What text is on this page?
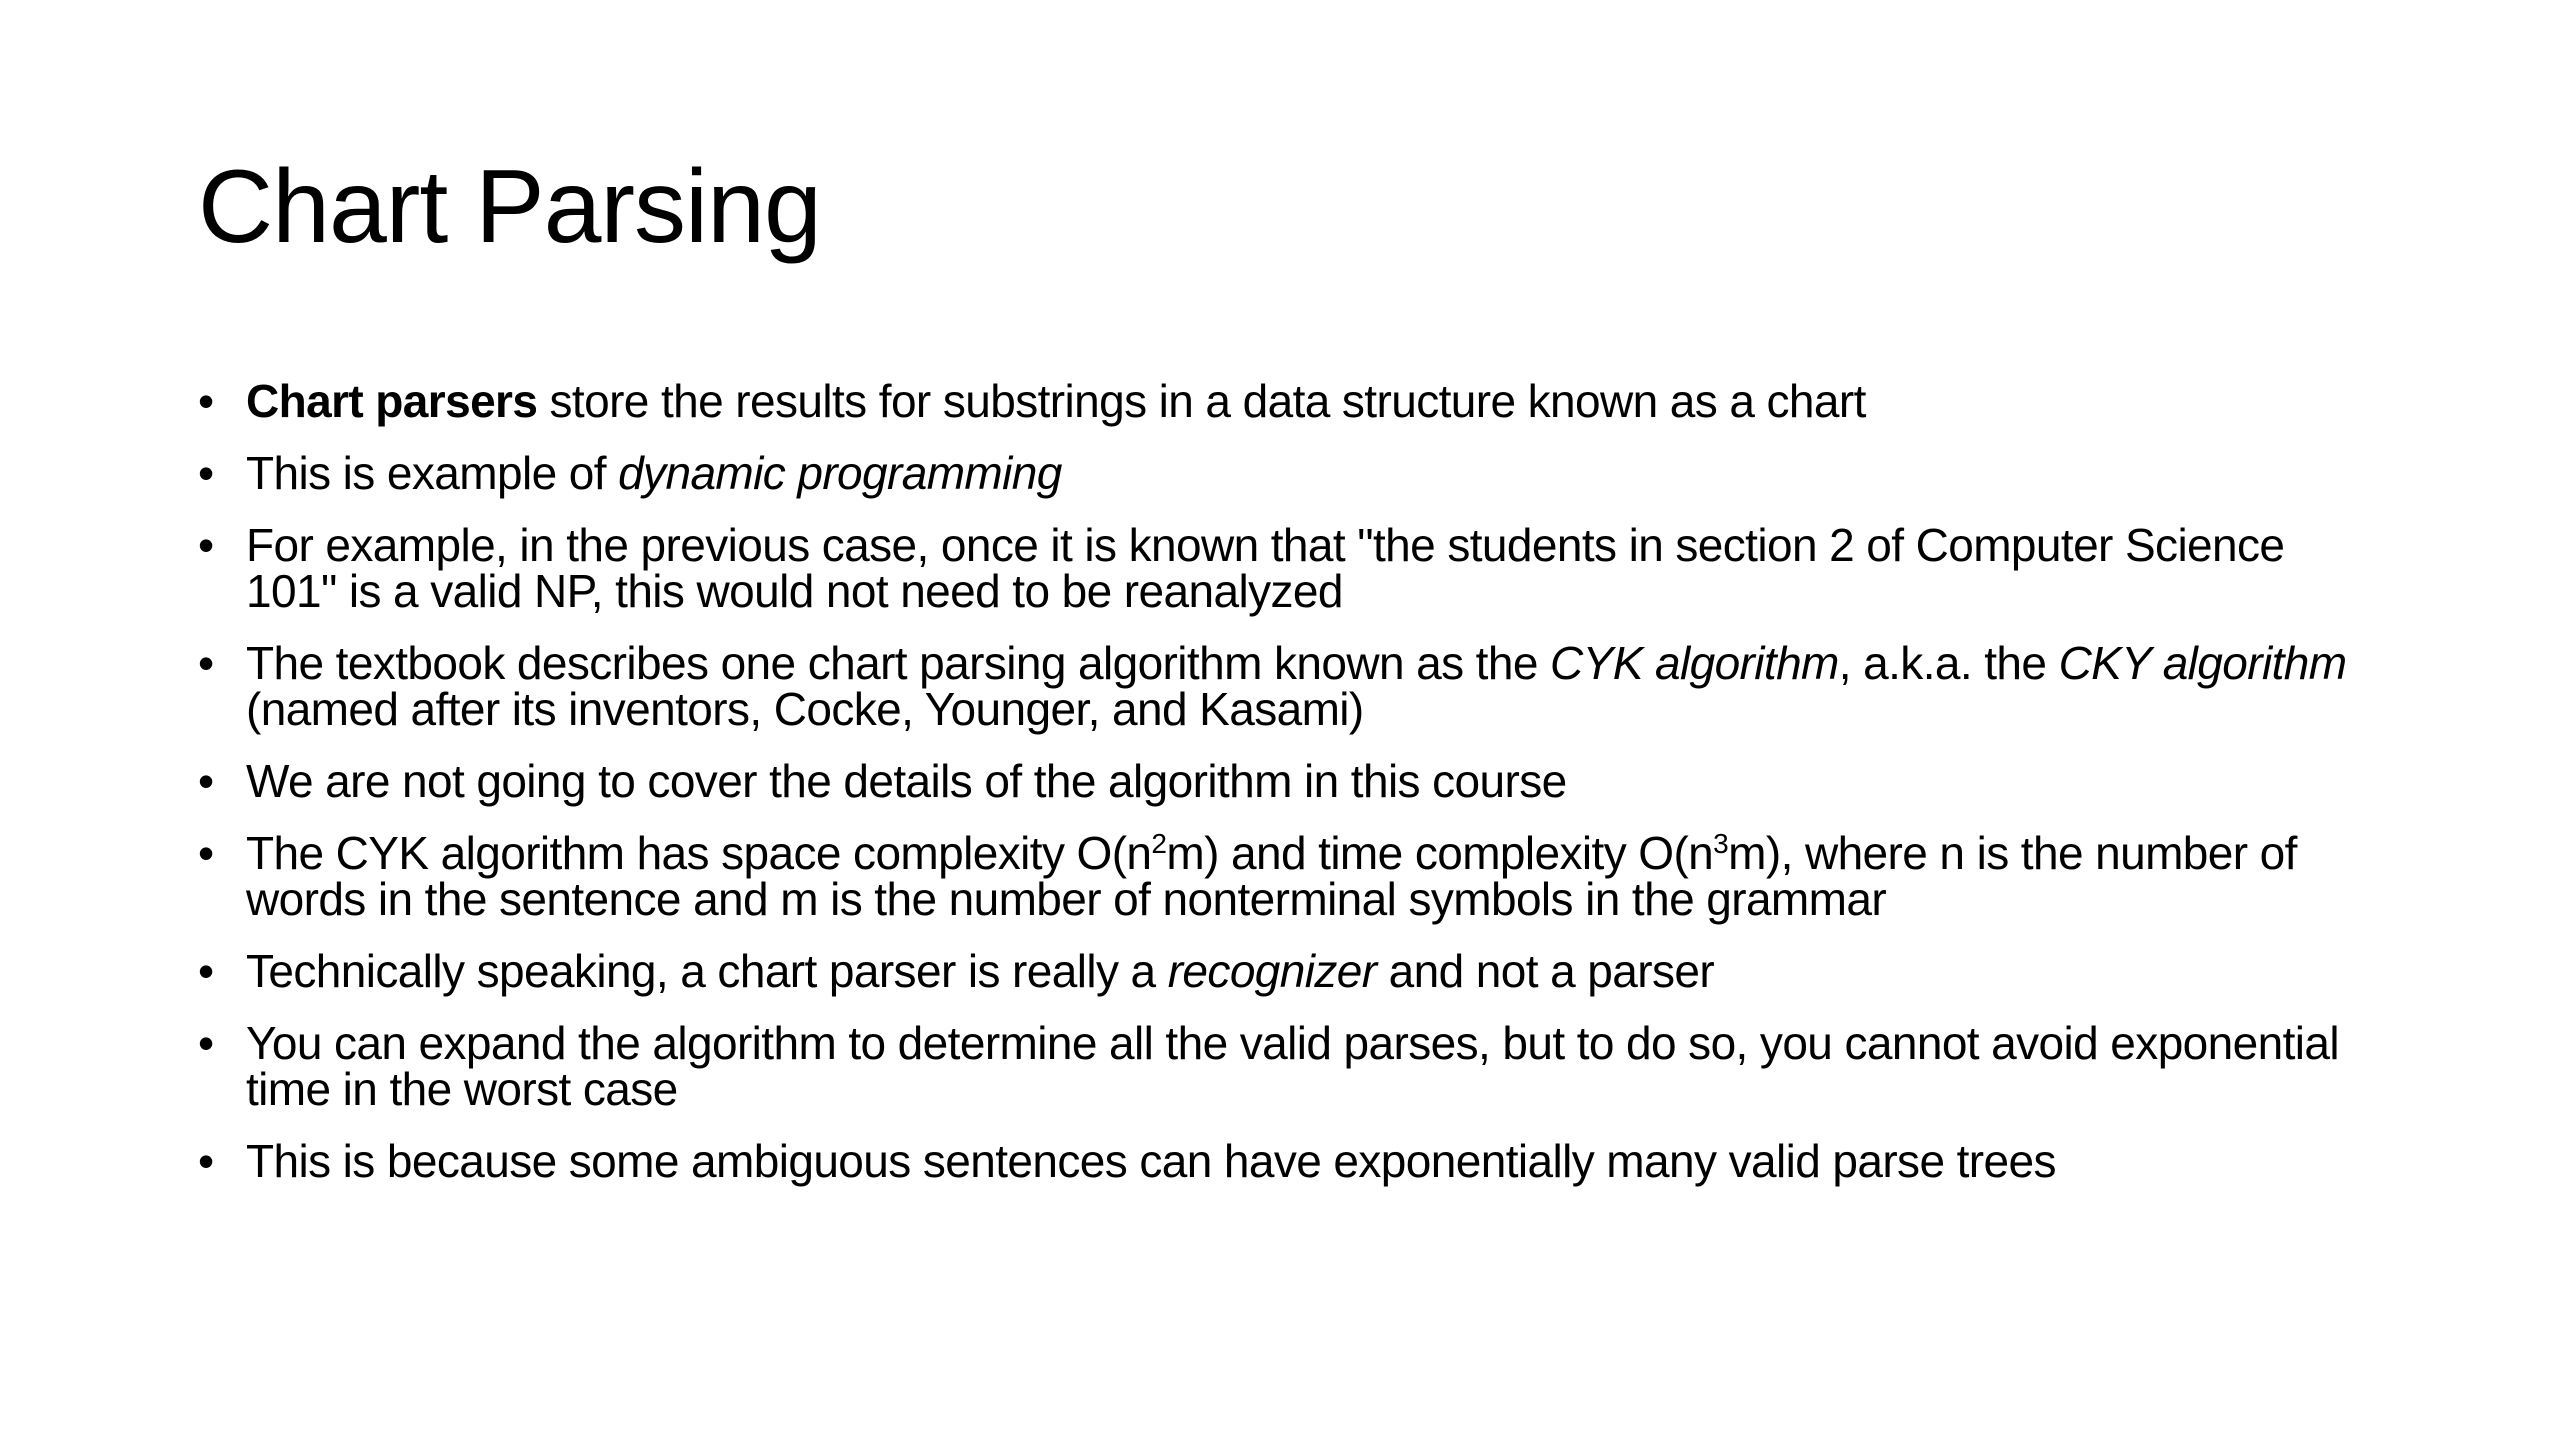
Chart Parsing
• Chart parsers store the results for substrings in a data structure known as a chart
• This is example of dynamic programming
• For example, in the previous case, once it is known that "the students in section 2 of Computer Science 101" is a valid NP, this would not need to be reanalyzed
• The textbook describes one chart parsing algorithm known as the CYK algorithm, a.k.a. the CKY algorithm (named after its inventors, Cocke, Younger, and Kasami)
• We are not going to cover the details of the algorithm in this course
• The CYK algorithm has space complexity $O(n^2m)$ and time complexity $O(n^3m)$, where n is the number of words in the sentence and m is the number of nonterminal symbols in the grammar
• Technically speaking, a chart parser is really a recognizer and not a parser
• You can expand the algorithm to determine all the valid parses, but to do so, you cannot avoid exponential time in the worst case
• This is because some ambiguous sentences can have exponentially many valid parse trees
